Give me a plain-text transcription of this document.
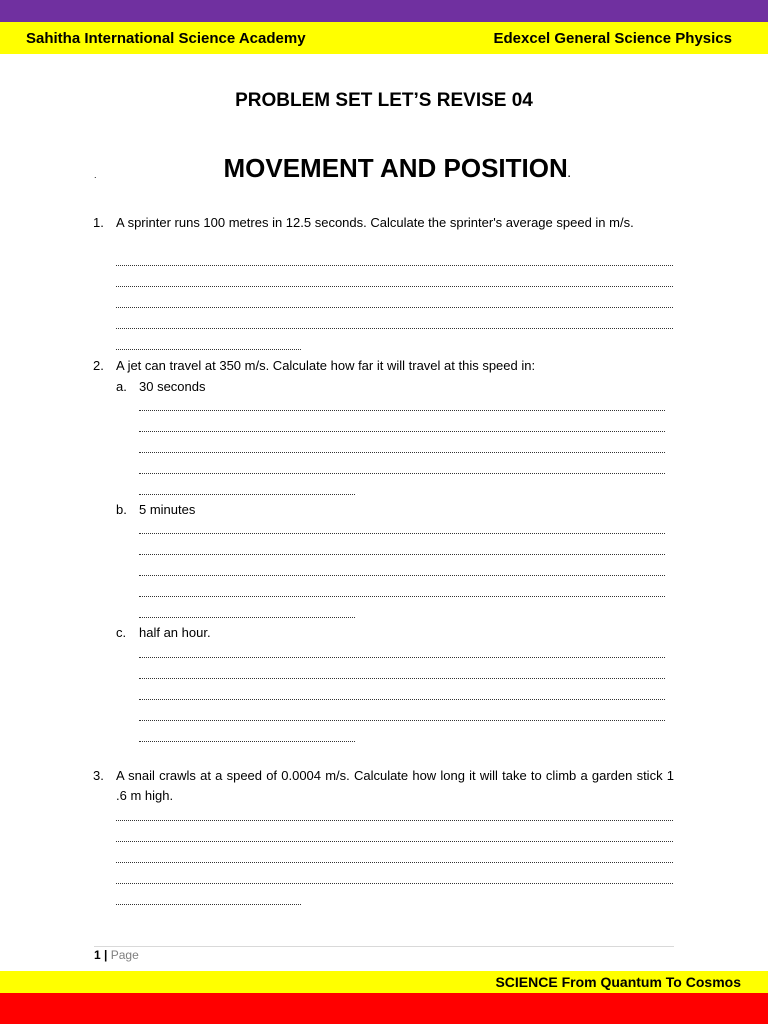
Sahitha International Science Academy	Edexcel General Science Physics
PROBLEM SET LET’S REVISE 04
.	MOVEMENT AND POSITION.
1. A sprinter runs 100 metres in 12.5 seconds. Calculate the sprinter's average speed in m/s.
2. A jet can travel at 350 m/s. Calculate how far it will travel at this speed in:
a. 30 seconds
b. 5 minutes
c. half an hour.
3. A snail crawls at a speed of 0.0004 m/s. Calculate how long it will take to climb a garden stick 1 .6 m high.
1 | Page
SCIENCE From Quantum To Cosmos
